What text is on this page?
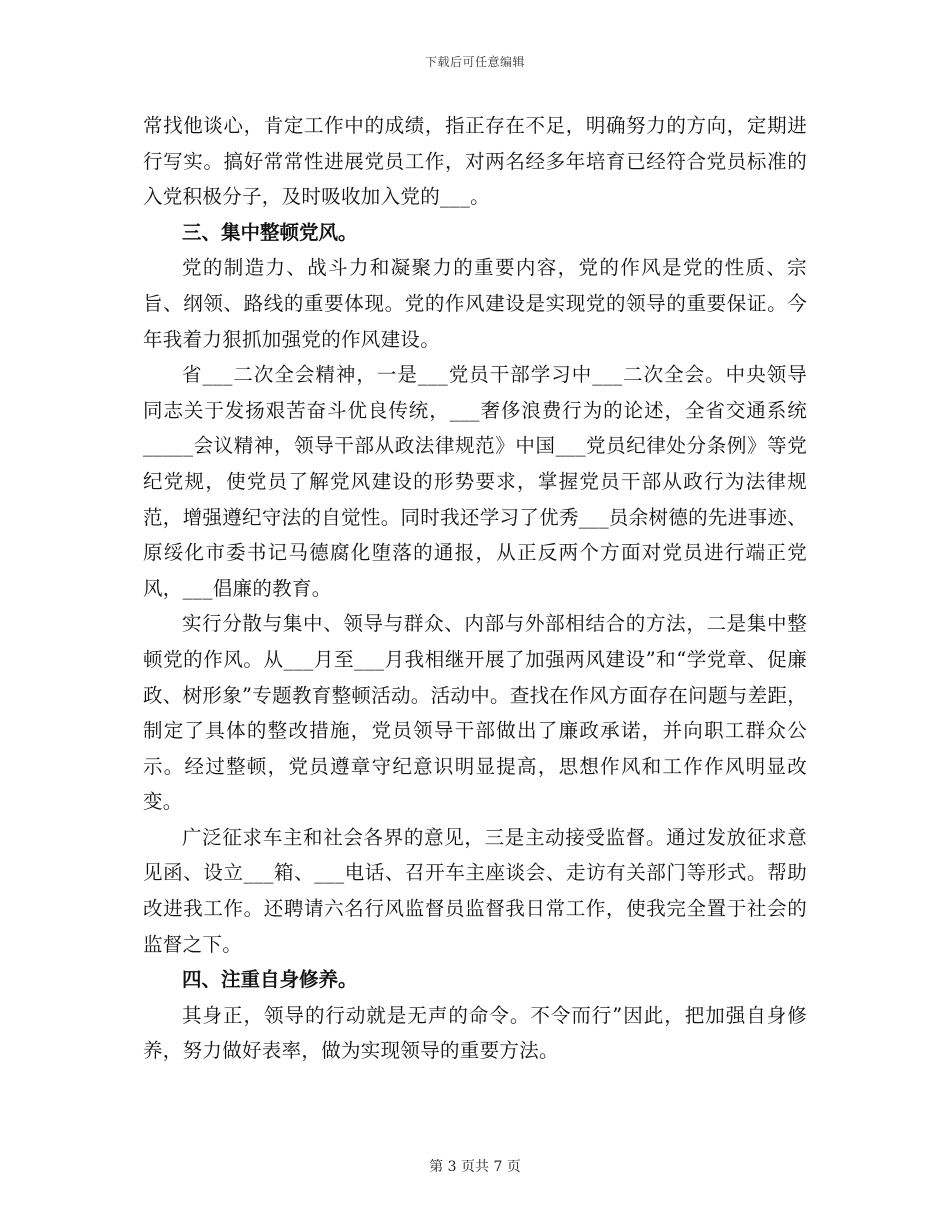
下载后可任意编辑

常找他谈心，肯定工作中的成绩，指正存在不足，明确努力的方向，定期进行写实。搞好常常性进展党员工作，对两名经多年培育已经符合党员标准的入党积极分子，及时吸收加入党的___。

三、集中整顿党风。

党的制造力、战斗力和凝聚力的重要内容，党的作风是党的性质、宗旨、纲领、路线的重要体现。党的作风建设是实现党的领导的重要保证。今年我着力狠抓加强党的作风建设。

省___二次全会精神，一是___党员干部学习中___二次全会。中央领导同志关于发扬艰苦奋斗优良传统，___奢侈浪费行为的论述，全省交通系统_____会议精神，领导干部从政法律规范》中国___党员纪律处分条例》等党纪党规，使党员了解党风建设的形势要求，掌握党员干部从政行为法律规范，增强遵纪守法的自觉性。同时我还学习了优秀___员余树德的先进事迹、原绥化市委书记马德腐化堕落的通报，从正反两个方面对党员进行端正党风，___倡廉的教育。

实行分散与集中、领导与群众、内部与外部相结合的方法，二是集中整顿党的作风。从___月至___月我相继开展了加强两风建设”和“学党章、促廉政、树形象”专题教育整顿活动。活动中。查找在作风方面存在问题与差距，制定了具体的整改措施，党员领导干部做出了廉政承诺，并向职工群众公示。经过整顿，党员遵章守纪意识明显提高，思想作风和工作作风明显改变。

广泛征求车主和社会各界的意见，三是主动接受监督。通过发放征求意见函、设立___箱、___电话、召开车主座谈会、走访有关部门等形式。帮助改进我工作。还聘请六名行风监督员监督我日常工作，使我完全置于社会的监督之下。

四、注重自身修养。

其身正，领导的行动就是无声的命令。不令而行”因此，把加强自身修养，努力做好表率，做为实现领导的重要方法。

第 3 页共 7 页
